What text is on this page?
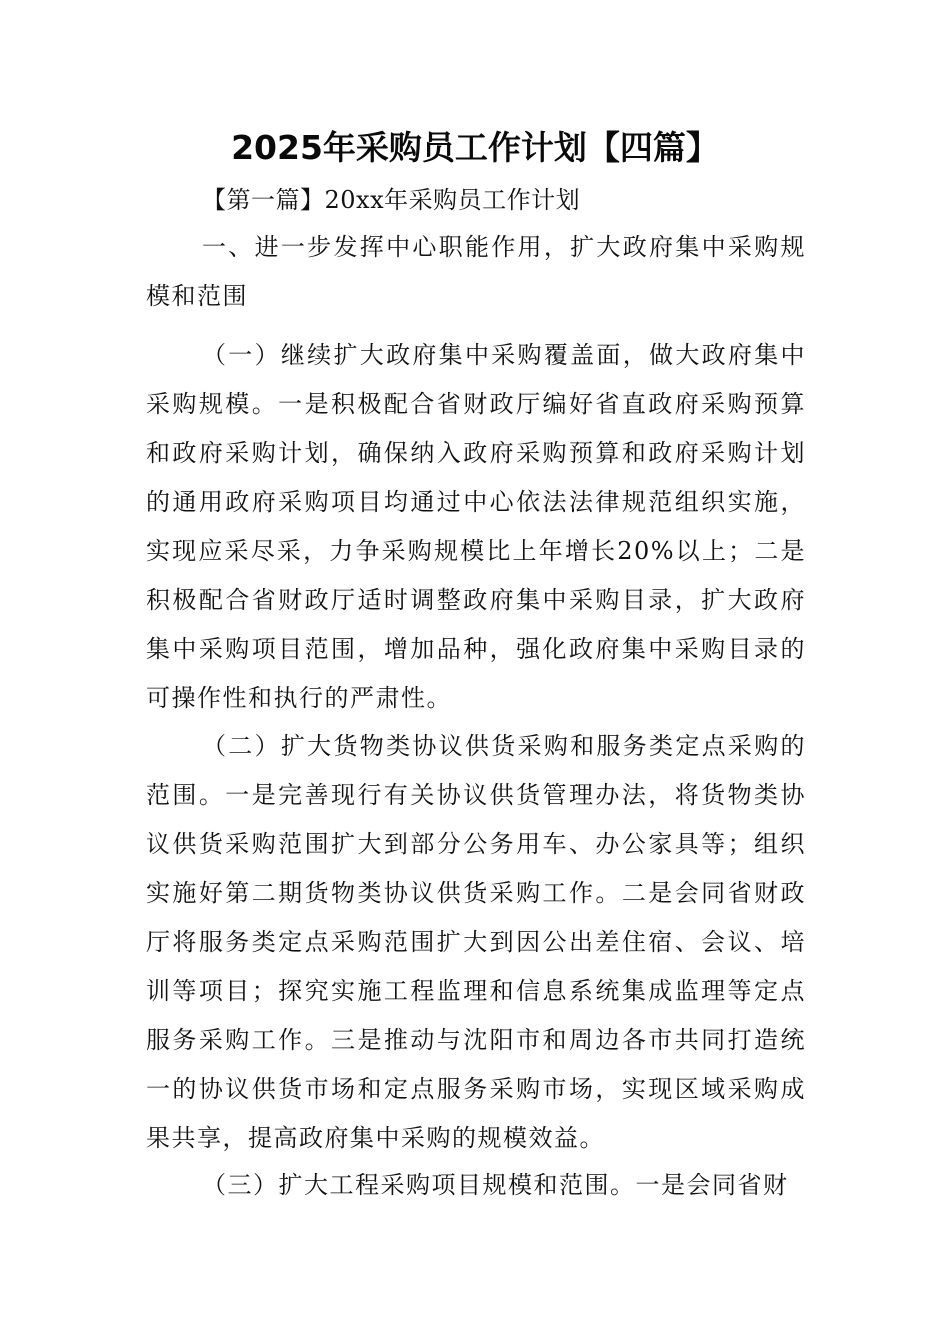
2025年采购员工作计划【四篇】

【第一篇】20xx年采购员工作计划

一、进一步发挥中心职能作用，扩大政府集中采购规模和范围

（一）继续扩大政府集中采购覆盖面，做大政府集中采购规模。一是积极配合省财政厅编好省直政府采购预算和政府采购计划，确保纳入政府采购预算和政府采购计划的通用政府采购项目均通过中心依法法律规范组织实施，实现应采尽采，力争采购规模比上年增长20%以上；二是积极配合省财政厅适时调整政府集中采购目录，扩大政府集中采购项目范围，增加品种，强化政府集中采购目录的可操作性和执行的严肃性。

（二）扩大货物类协议供货采购和服务类定点采购的范围。一是完善现行有关协议供货管理办法，将货物类协议供货采购范围扩大到部分公务用车、办公家具等；组织实施好第二期货物类协议供货采购工作。二是会同省财政厅将服务类定点采购范围扩大到因公出差住宿、会议、培训等项目；探究实施工程监理和信息系统集成监理等定点服务采购工作。三是推动与沈阳市和周边各市共同打造统一的协议供货市场和定点服务采购市场，实现区域采购成果共享，提高政府集中采购的规模效益。

（三）扩大工程采购项目规模和范围。一是会同省财
